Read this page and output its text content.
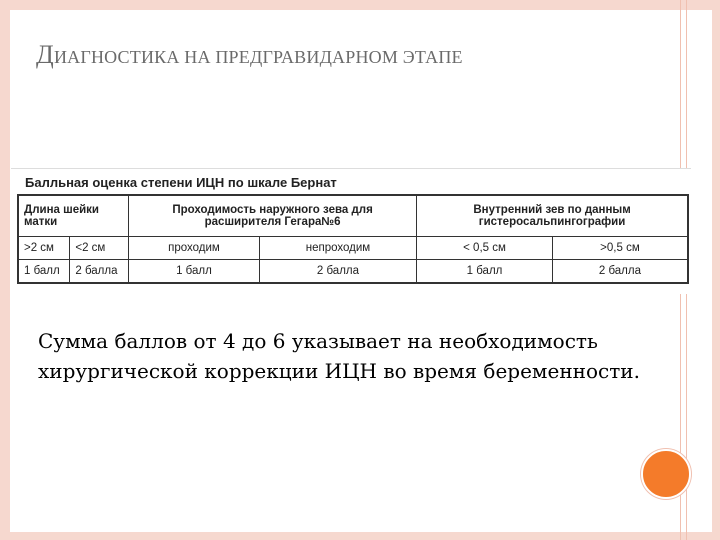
ДИАГНОСТИКА НА ПРЕДГРАВИДАРНОМ ЭТАПЕ
Балльная оценка степени ИЦН по шкале Бернат
Длина шейки матки		Проходимость наружного зева для расширителя Гегара№6		Внутренний зев по данным гистеросальпингографии	
>2 см	<2 см	проходим	непроходим	< 0,5 см	>0,5 см
1 балл	2 балла	1 балл	2 балла	1 балл	2 балла
Сумма баллов от 4 до 6 указывает на необходимость
хирургической коррекции ИЦН во время беременности.
